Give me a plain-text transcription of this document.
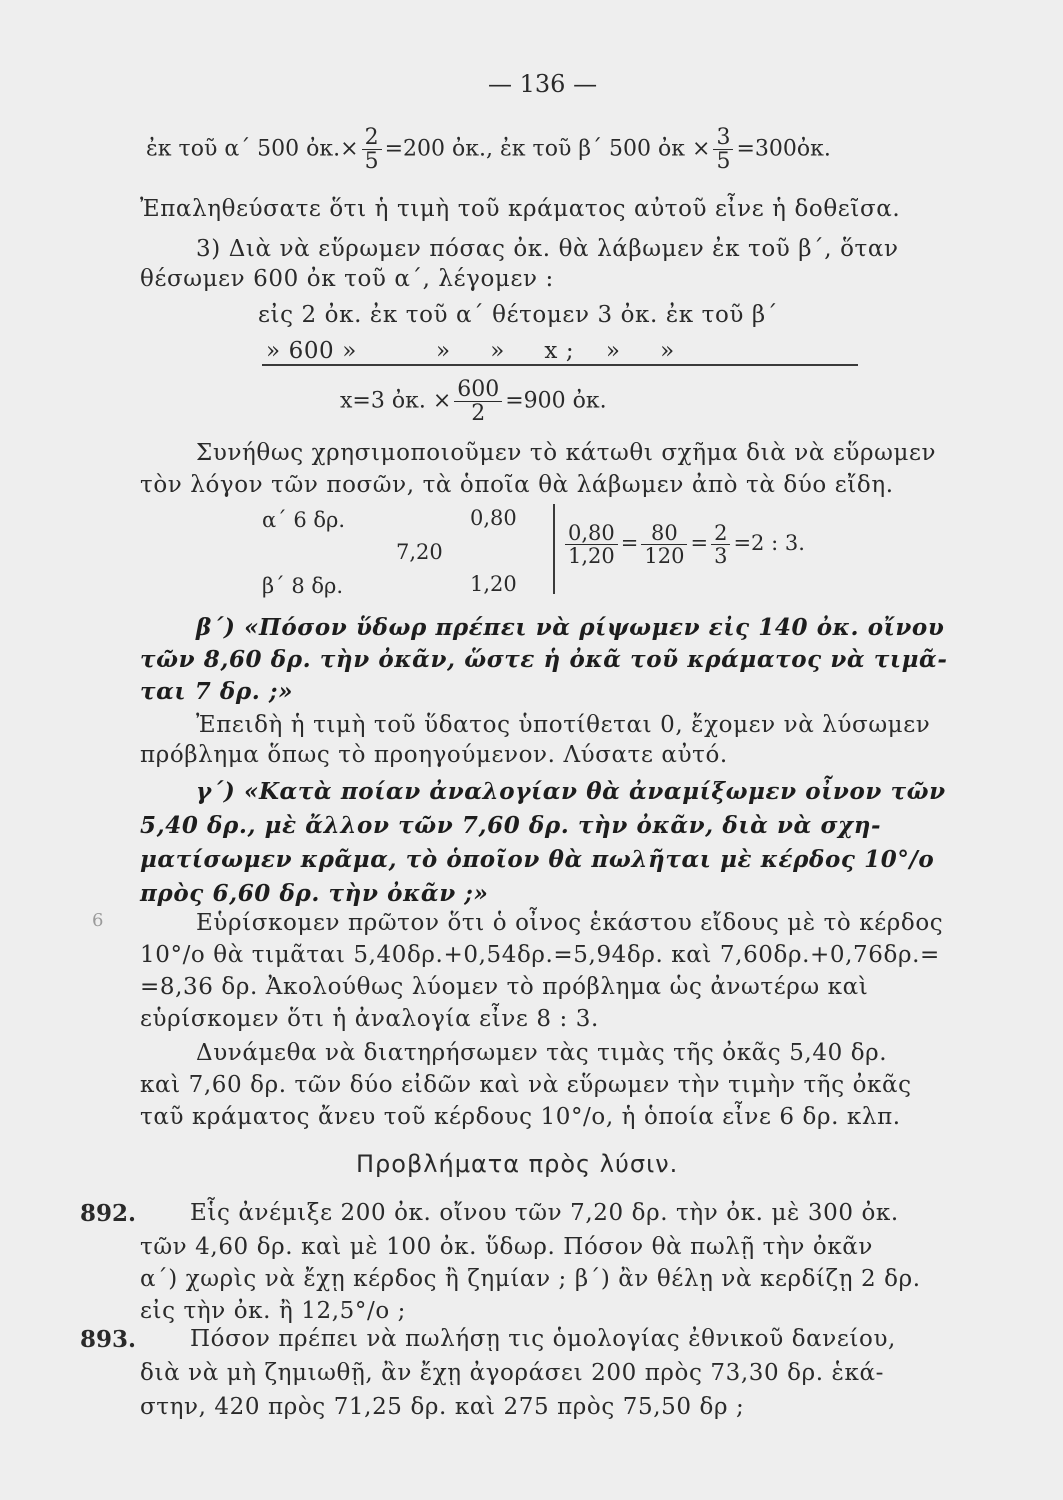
— 136 —
ἐκ τοῦ α΄ 500 ὀκ.× $\frac{2}{5} =200$ ὀκ., ἐκ τοῦ β΄ 500 ὀκ × $\frac{3}{5}$ =300ὀκ.
Ἐπαληθεύσατε ὅτι ἡ τιμὴ τοῦ κράματος αὐτοῦ εἶνε ἡ δοθεῖσα.
3) Διὰ νὰ εὕρωμεν πόσας ὀκ. θὰ λάβωμεν ἐκ τοῦ β΄, ὅταν
θέσωμεν 600 ὀκ τοῦ α΄, λέγομεν :
εἰς 2 ὀκ. ἐκ τοῦ α΄ θέτομεν 3 ὀκ. ἐκ τοῦ β΄
» 600 »          »     »     x ;    »     »
x=3 ὀκ. × $\frac{600}{2} =900$ ὀκ.
Συνήθως χρησιμοποιοῦμεν τὸ κάτωθι σχῆμα διὰ νὰ εὕρωμεν
τὸν λόγον τῶν ποσῶν, τὰ ὁποῖα θὰ λάβωμεν ἀπὸ τὰ δύο εἴδη.
α΄ 6 δρ.	0,80
7,20
β΄ 8 δρ.	1,20
$\frac{0,80}{1,20} = \frac{80}{120} = \frac{2}{3} =2$ : 3.
β΄) «Πόσον ὕδωρ πρέπει νὰ ρίψωμεν εἰς 140 ὀκ. οἴνου
τῶν 8,60 δρ. τὴν ὀκᾶν, ὥστε ἡ ὀκᾶ τοῦ κράματος νὰ τιμᾶ-
ται 7 δρ. ;»
Ἐπειδὴ ἡ τιμὴ τοῦ ὕδατος ὑποτίθεται 0, ἔχομεν νὰ λύσωμεν
πρόβλημα ὅπως τὸ προηγούμενον. Λύσατε αὐτό.
γ΄) «Κατὰ ποίαν ἀναλογίαν θὰ ἀναμίξωμεν οἶνον τῶν
5,40 δρ., μὲ ἄλλον τῶν 7,60 δρ. τὴν ὀκᾶν, διὰ νὰ σχη-
ματίσωμεν κρᾶμα, τὸ ὁποῖον θὰ πωλῆται μὲ κέρδος 10°/ο
πρὸς 6,60 δρ. τὴν ὀκᾶν ;»
6	Εὑρίσκομεν πρῶτον ὅτι ὁ οἶνος ἑκάστου εἴδους μὲ τὸ κέρδος
10°/ο θὰ τιμᾶται 5,40δρ.+0,54δρ.=5,94δρ. καὶ 7,60δρ.+0,76δρ.=
=8,36 δρ. Ἀκολούθως λύομεν τὸ πρόβλημα ὡς ἀνωτέρω καὶ
εὑρίσκομεν ὅτι ἡ ἀναλογία εἶνε 8 : 3.
Δυνάμεθα νὰ διατηρήσωμεν τὰς τιμὰς τῆς ὀκᾶς 5,40 δρ.
καὶ 7,60 δρ. τῶν δύο εἰδῶν καὶ νὰ εὕρωμεν τὴν τιμὴν τῆς ὀκᾶς
ταῦ κράματος ἄνευ τοῦ κέρδους 10°/ο, ἡ ὁποία εἶνε 6 δρ. κλπ.
Προβλήματα πρὸς λύσιν.
892. Εἷς ἀνέμιξε 200 ὀκ. οἴνου τῶν 7,20 δρ. τὴν ὀκ. μὲ 300 ὀκ.
τῶν 4,60 δρ. καὶ μὲ 100 ὀκ. ὕδωρ. Πόσον θὰ πωλῇ τὴν ὀκᾶν
α΄) χωρὶς νὰ ἔχῃ κέρδος ἢ ζημίαν ; β΄) ἂν θέλῃ νὰ κερδίζῃ 2 δρ.
εἰς τὴν ὀκ. ἢ 12,5°/ο ;
893. Πόσον πρέπει νὰ πωλήσῃ τις ὁμολογίας ἐθνικοῦ δανείου,
διὰ νὰ μὴ ζημιωθῇ, ἂν ἔχῃ ἀγοράσει 200 πρὸς 73,30 δρ. ἑκά-
στην, 420 πρὸς 71,25 δρ. καὶ 275 πρὸς 75,50 δρ ;
